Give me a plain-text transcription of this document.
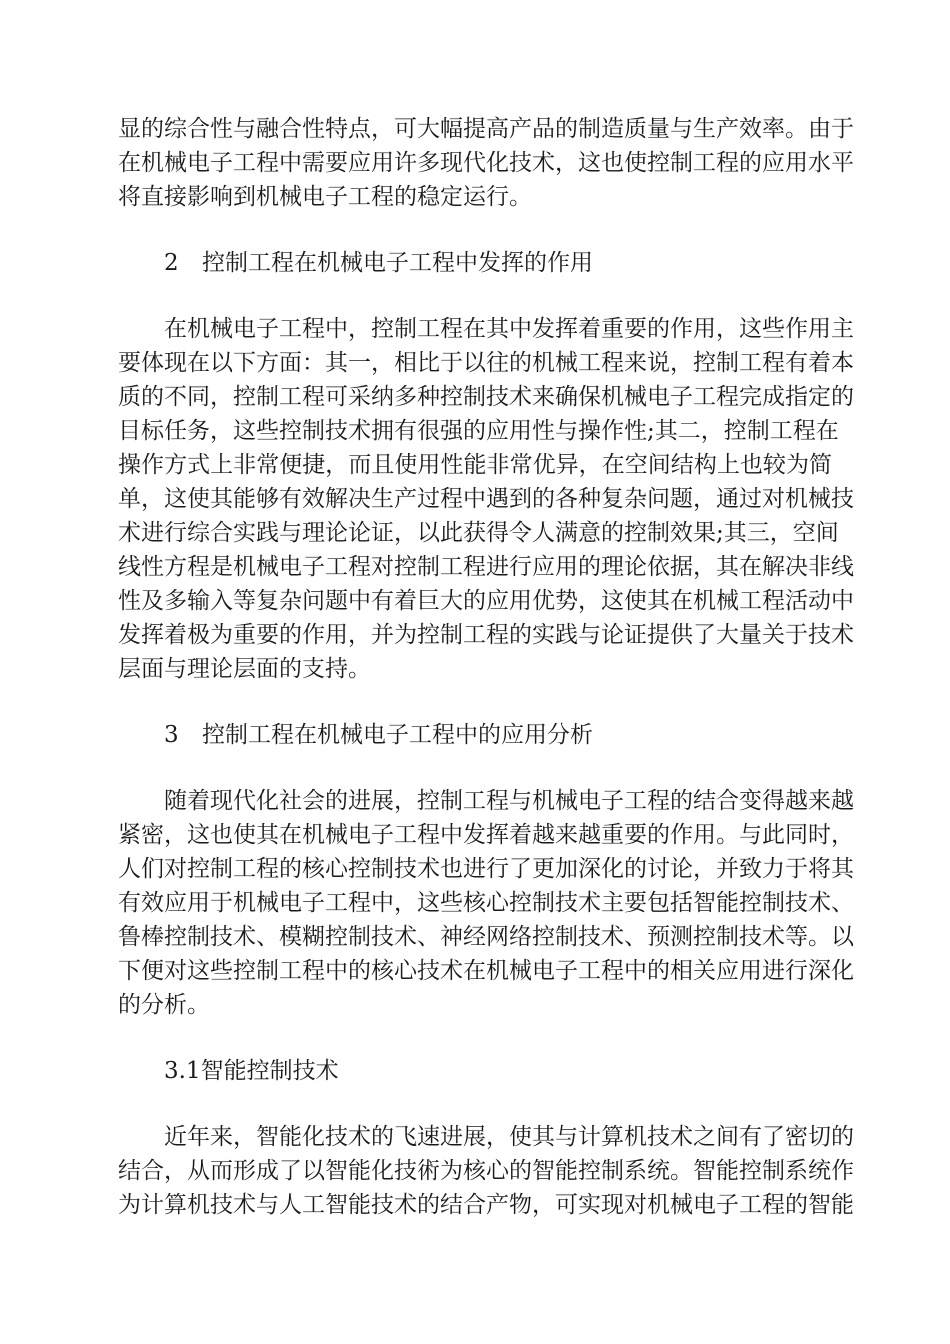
显的综合性与融合性特点，可大幅提高产品的制造质量与生产效率。由于
在机械电子工程中需要应用许多现代化技术，这也使控制工程的应用水平
将直接影响到机械电子工程的稳定运行。
2 控制工程在机械电子工程中发挥的作用
　　在机械电子工程中，控制工程在其中发挥着重要的作用，这些作用主
要体现在以下方面：其一，相比于以往的机械工程来说，控制工程有着本
质的不同，控制工程可采纳多种控制技术来确保机械电子工程完成指定的
目标任务，这些控制技术拥有很强的应用性与操作性;其二，控制工程在
操作方式上非常便捷，而且使用性能非常优异，在空间结构上也较为简
单，这使其能够有效解决生产过程中遇到的各种复杂问题，通过对机械技
术进行综合实践与理论论证，以此获得令人满意的控制效果;其三，空间
线性方程是机械电子工程对控制工程进行应用的理论依据，其在解决非线
性及多输入等复杂问题中有着巨大的应用优势，这使其在机械工程活动中
发挥着极为重要的作用，并为控制工程的实践与论证提供了大量关于技术
层面与理论层面的支持。
3 控制工程在机械电子工程中的应用分析
　　随着现代化社会的进展，控制工程与机械电子工程的结合变得越来越
紧密，这也使其在机械电子工程中发挥着越来越重要的作用。与此同时，
人们对控制工程的核心控制技术也进行了更加深化的讨论，并致力于将其
有效应用于机械电子工程中，这些核心控制技术主要包括智能控制技术、
鲁棒控制技术、模糊控制技术、神经网络控制技术、预测控制技术等。以
下便对这些控制工程中的核心技术在机械电子工程中的相关应用进行深化
的分析。
3.1智能控制技术
　　近年来，智能化技术的飞速进展，使其与计算机技术之间有了密切的
结合，从而形成了以智能化技術为核心的智能控制系统。智能控制系统作
为计算机技术与人工智能技术的结合产物，可实现对机械电子工程的智能
